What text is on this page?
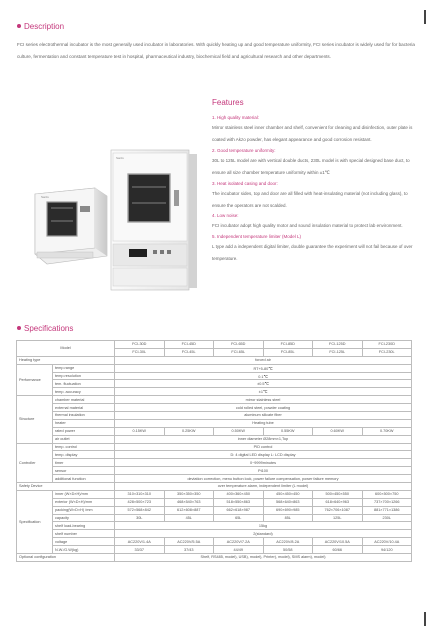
Description
FCI series electrothermal incubator is the most generally used incubator in laboratories. With quickly heating up and good temperature uniformity, FCI series incubator is widely used for for bacteria culture, fermentation and constant temperature test in hospital, pharmaceutical industry, biochemical field and agricultural research and other departments.
Sanfu
Sanfu
Features
1. High quality material:
Mirror stainless steel inner chamber and shelf, convenient for cleaning and disinfection, outer plate is coated with Akzo powder, has elegant appearance and good corrosion resistant.
2. Good temperature uniformity:
30L to 125L model are with vertical double ducts, 230L model is with special designed base duct, to ensure all size chamber temperature uniformity within ±1℃
3. Heat isolated casing and door:
The incubator sides, top and door are all filled with heat-insulating material (not including glass), to ensure the operators are not scalded.
4. Low noise:
FCI incubator adopt high quality motor and sound insulation material to protect lab environment.
5. Independent temperature limiter (Model L)
L type add a independent digital limiter, double guarantee the experiment will not fail because of over temperature.
Specifications
Model		FCI-30D	FCI-45D	FCI-65D	FCI-85D	FCI-125D	FCI-230D
		FCI-30L	FCI-45L	FCI-65L	FCI-85L	FCI-125L	FCI-230L
Heating type		forced air					
Performance	temp.range	RT+5-80℃					
	temp.resolution	0.1℃					
	tem. fluctuation	±0.5℃					
	temp. accuracy	±1℃					
Structure	chamber material	mirror stainless steel					
	external material	cold rolled steel, powder coating					
	thermal insulation	aluminum silicate fiber					
	heater	Heating tube					
	rated power	0.15KW	0.25KW	0.50KW	0.55KW	0.60KW	0.70KW
	air outlet	inner diameter Ø28mm×1,Top					
Controller	temp. control	PID control					
	temp. display	D: 4 digital LED display L: LCD display					
	timer	0~9999minutes					
	sensor	Pt100					
	additional function	deviation correction, menu button lock, power failure compensation, power failure memory					
Safety Device		over temperature alarm, independent limiter (L model)					
Specification	inner (W×D×H)/mm	310×310×310	350×350×350	400×360×450	450×450×450	500×450×550	600×500×750
	exterior (W×D×H)/mm	428×500×723	468×540×763	518×550×863	568×640×863	618×640×963	737×700×1266
	packing(W×D×H) /mm	572×568×842	612×608×887	662×618×987	690×690×985	762×706×1087	881×771×1386
	capacity	30L	45L	65L	85L	125L	230L
	shelf load-bearing	15kg					
	shelf number	2(standard)					
	voltage	AC220V/1.4A	AC220V/5.5A	AC220V/7.2A	AC220V/8.2A	AC220V/10.5A	AC220V/10.4A
	N.W./G.W(kg)	33/37	37/43	44/49	50/58	60/66	94/120
Optional configuration		Shelf, RS485, model), USB), model), Printer), model), SMS alarm), model)					
